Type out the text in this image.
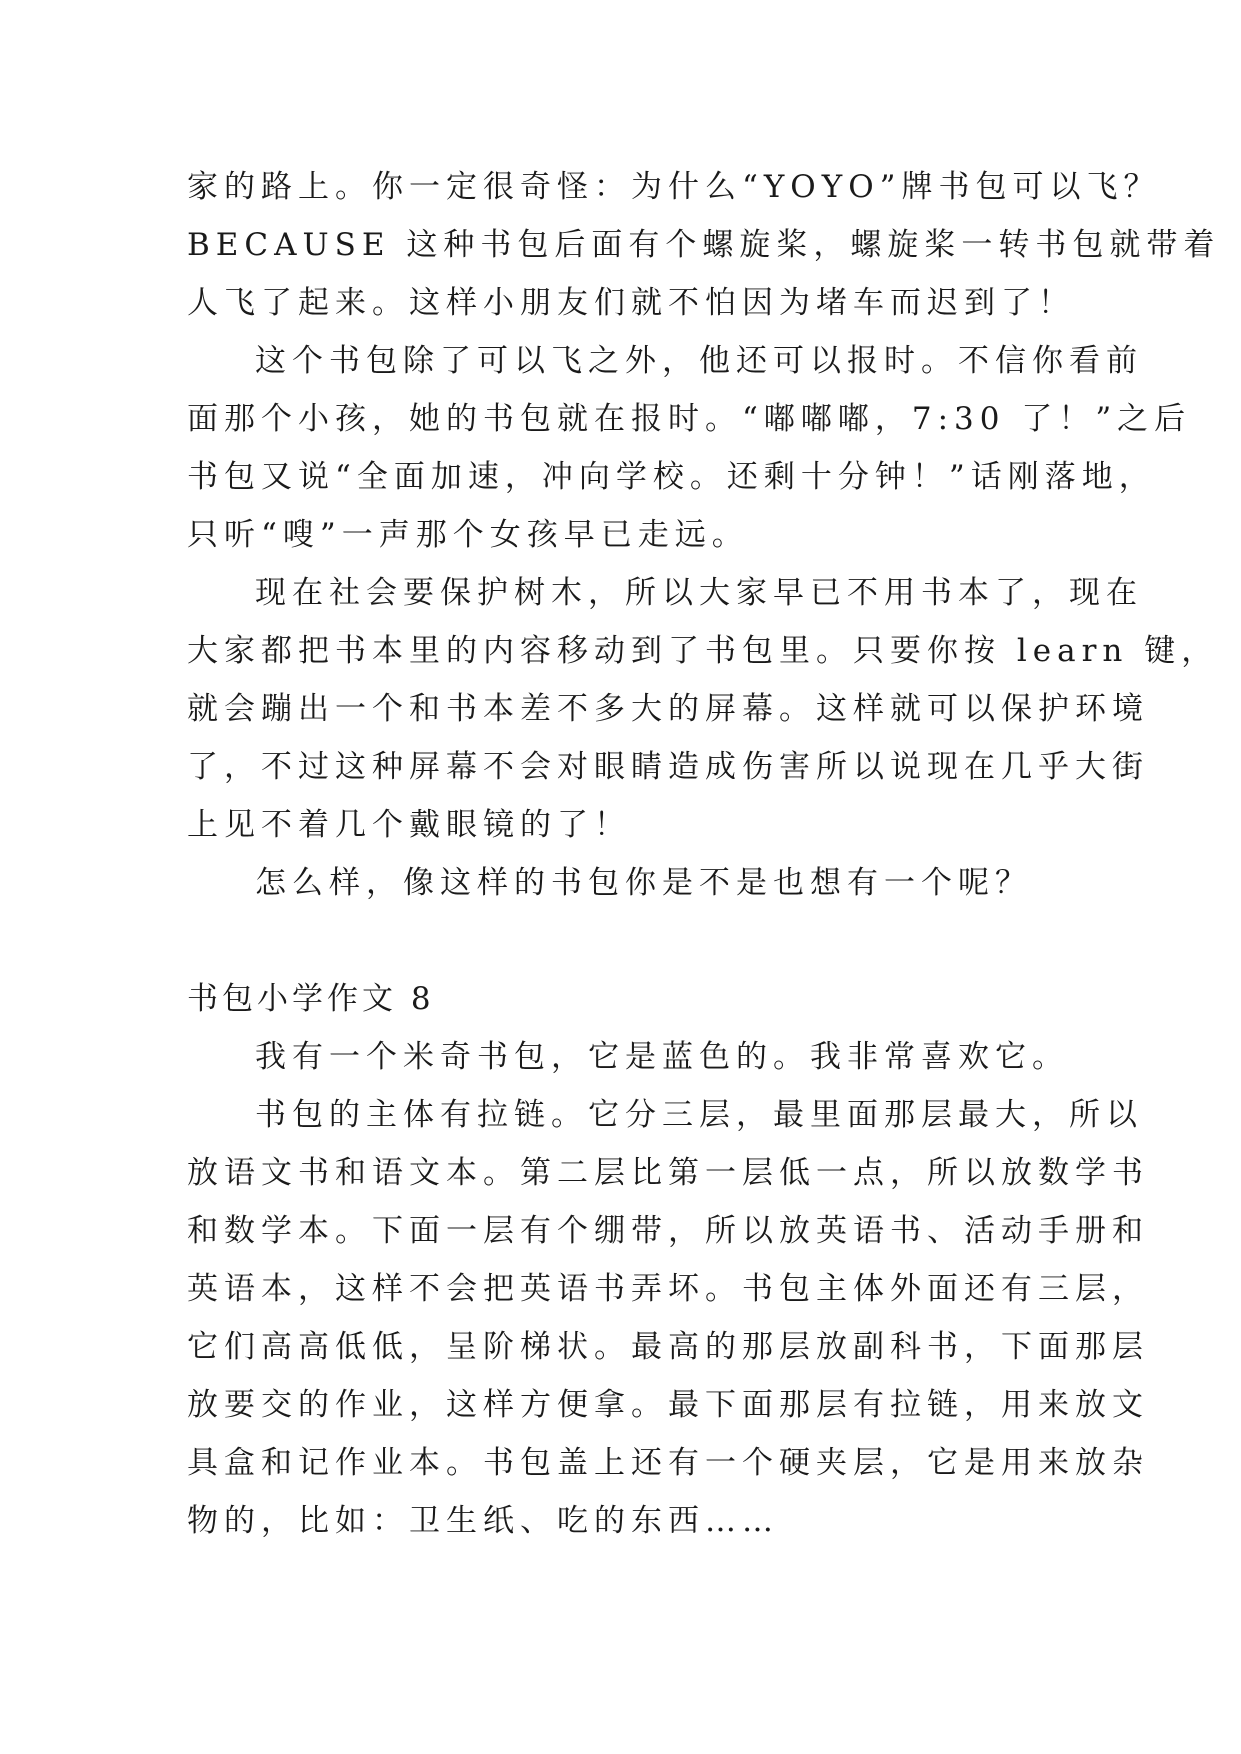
家的路上。你一定很奇怪：为什么“YOYO”牌书包可以飞？
BECAUSE 这种书包后面有个螺旋桨，螺旋桨一转书包就带着
人飞了起来。这样小朋友们就不怕因为堵车而迟到了！
这个书包除了可以飞之外，他还可以报时。不信你看前
面那个小孩，她的书包就在报时。“嘟嘟嘟，7:30 了！”之后
书包又说“全面加速，冲向学校。还剩十分钟！”话刚落地，
只听“嗖”一声那个女孩早已走远。
现在社会要保护树木，所以大家早已不用书本了，现在
大家都把书本里的内容移动到了书包里。只要你按 learn 键，
就会蹦出一个和书本差不多大的屏幕。这样就可以保护环境
了，不过这种屏幕不会对眼睛造成伤害所以说现在几乎大街
上见不着几个戴眼镜的了！
怎么样，像这样的书包你是不是也想有一个呢？
书包小学作文 8
我有一个米奇书包，它是蓝色的。我非常喜欢它。
书包的主体有拉链。它分三层，最里面那层最大，所以
放语文书和语文本。第二层比第一层低一点，所以放数学书
和数学本。下面一层有个绷带，所以放英语书、活动手册和
英语本，这样不会把英语书弄坏。书包主体外面还有三层，
它们高高低低，呈阶梯状。最高的那层放副科书，下面那层
放要交的作业，这样方便拿。最下面那层有拉链，用来放文
具盒和记作业本。书包盖上还有一个硬夹层，它是用来放杂
物的，比如：卫生纸、吃的东西……
